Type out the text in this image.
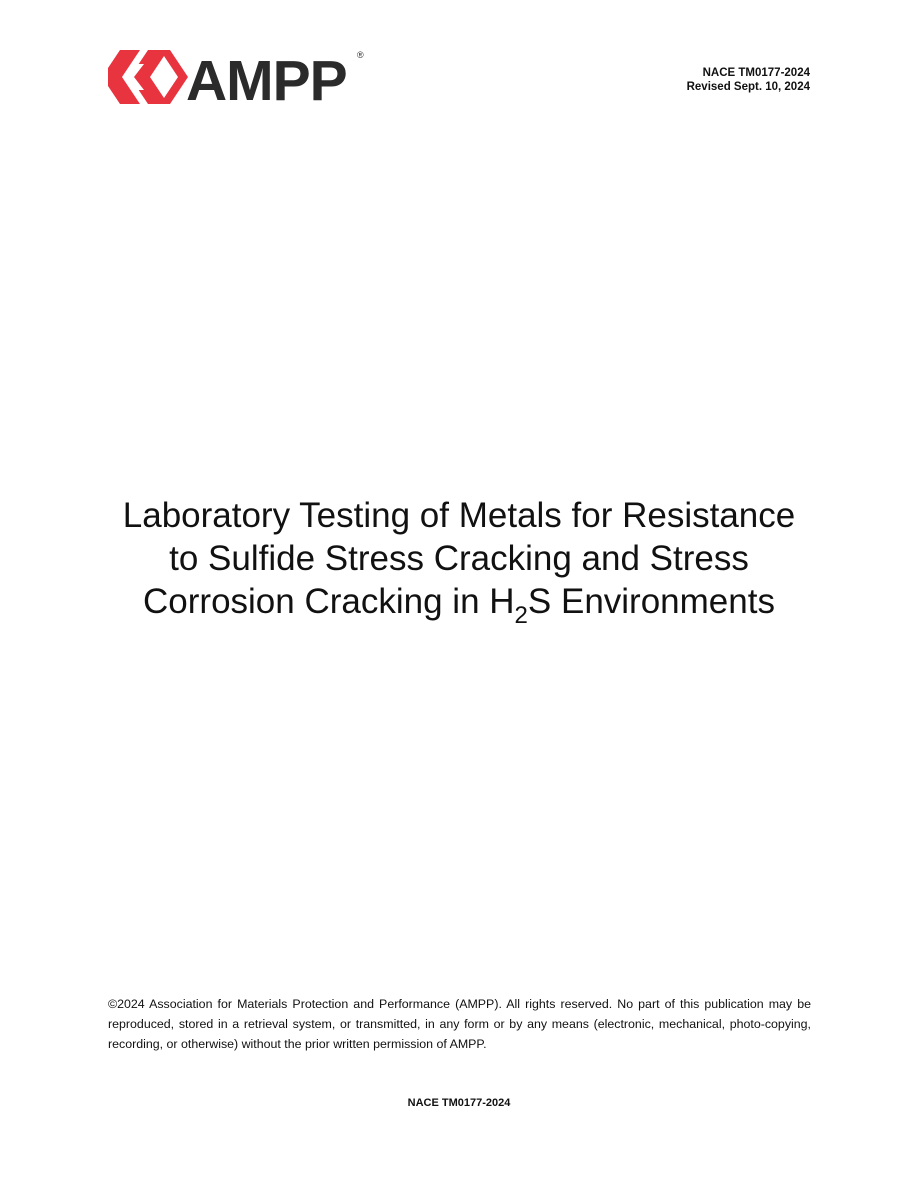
AMPP ®
NACE TM0177-2024
Revised Sept. 10, 2024
Laboratory Testing of Metals for Resistance
to Sulfide Stress Cracking and Stress
Corrosion Cracking in $H_2S$ Environments
©2024 Association for Materials Protection and Performance (AMPP). All rights reserved. No part of this publication may be reproduced, stored in a retrieval system, or transmitted, in any form or by any means (electronic, mechanical, photo-copying, recording, or otherwise) without the prior written permission of AMPP.
NACE TM0177-2024
